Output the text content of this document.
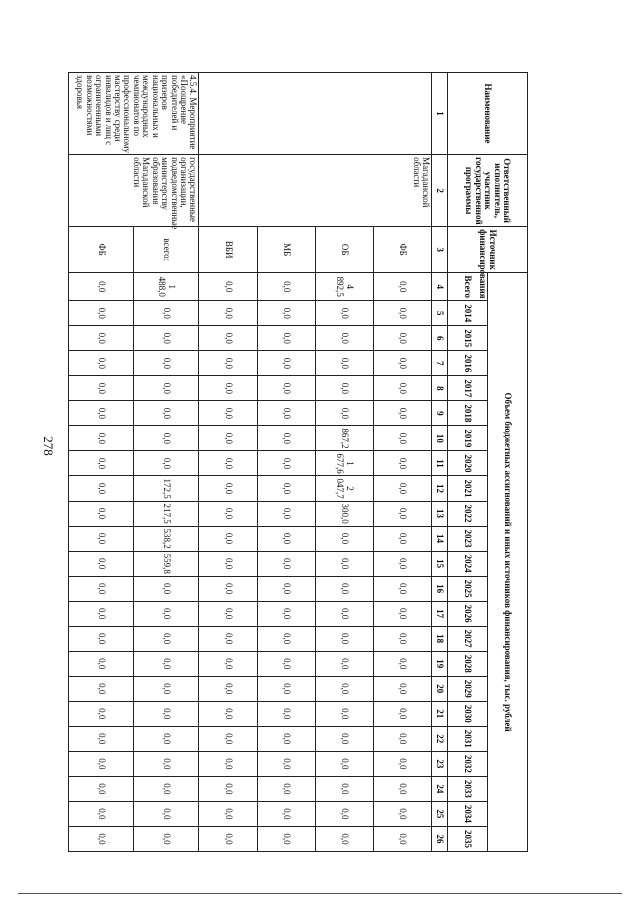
278
Наименование	Ответственный исполнитель, участник государственной программы	Источник финансирования	Объем бюджетных ассигнований и иных источников финансирования, тыс. рублей																						
			Всего	2014	2015	2016	2017	2018	2019	2020	2021	2022	2023	2024	2025	2026	2027	2028	2029	2030	2031	2032	2033	2034	2035
1	2	3	4	5	6	7	8	9	10	11	12	13	14	15	16	17	18	19	20	21	22	23	24	25	26
	Магаданской области	ФБ	0,0	0,0	0,0	0,0	0,0	0,0	0,0	0,0	0,0	0,0	0,0	0,0	0,0	0,0	0,0	0,0	0,0	0,0	0,0	0,0	0,0	0,0	0,0
		ОБ	4 892,5	0,0	0,0	0,0	0,0	0,0	867,2	1 677,6	2 047,7	300,0	0,0	0,0	0,0	0,0	0,0	0,0	0,0	0,0	0,0	0,0	0,0	0,0	0,0
		МБ	0,0	0,0	0,0	0,0	0,0	0,0	0,0	0,0	0,0	0,0	0,0	0,0	0,0	0,0	0,0	0,0	0,0	0,0	0,0	0,0	0,0	0,0	0,0
		ВБИ	0,0	0,0	0,0	0,0	0,0	0,0	0,0	0,0	0,0	0,0	0,0	0,0	0,0	0,0	0,0	0,0	0,0	0,0	0,0	0,0	0,0	0,0	0,0
4.5.4. Мероприятие «Поощрение победителей и призеров национальных и международных чемпионатов по профессиональному мастерству среди инвалидов и лиц с ограниченными возможностями здоровья	государственные организации, подведомственные министерству образования Магаданской области	всего:	1 488,0	0,0	0,0	0,0	0,0	0,0	0,0	0,0	172,5	217,5	538,2	559,8	0,0	0,0	0,0	0,0	0,0	0,0	0,0	0,0	0,0	0,0	0,0
		ФБ	0,0	0,0	0,0	0,0	0,0	0,0	0,0	0,0	0,0	0,0	0,0	0,0	0,0	0,0	0,0	0,0	0,0	0,0	0,0	0,0	0,0	0,0	0,0
